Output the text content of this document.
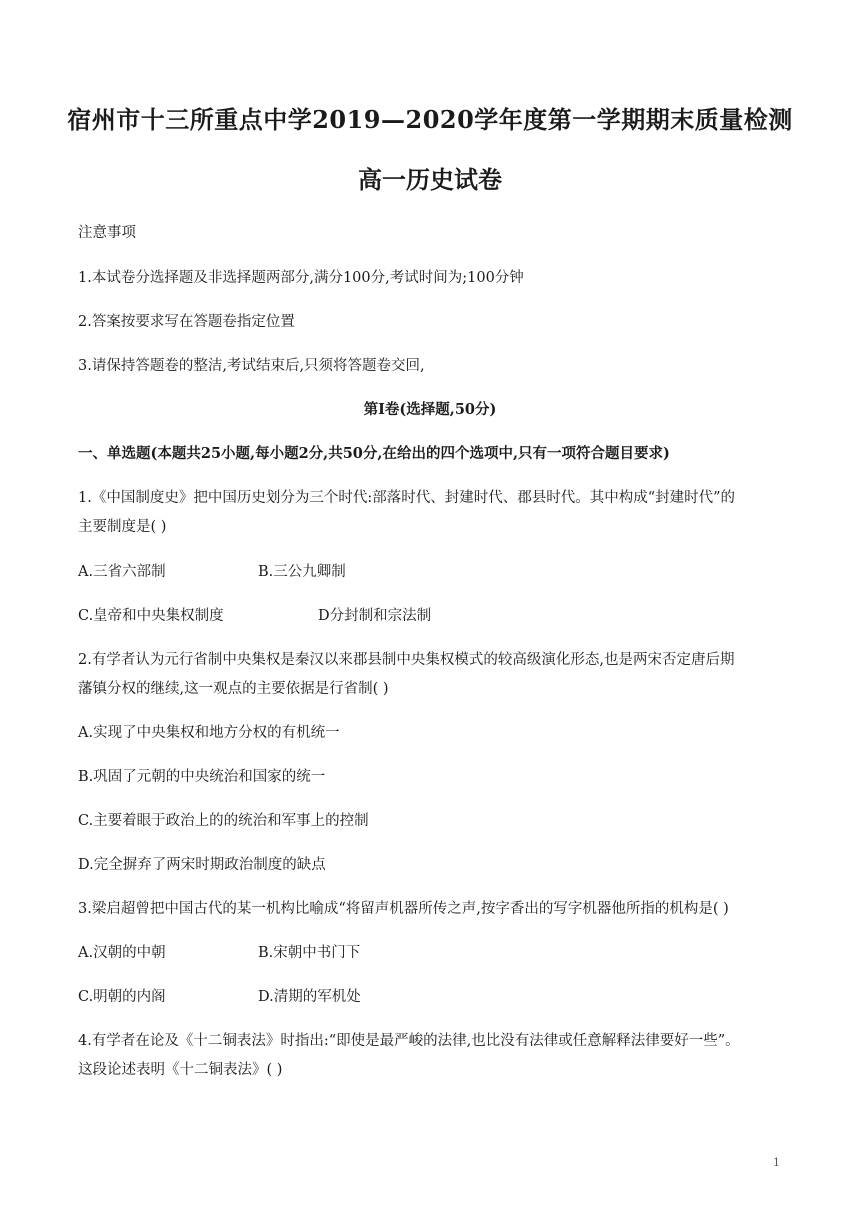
宿州市十三所重点中学2019—2020学年度第一学期期末质量检测
高一历史试卷
注意事项
1.本试卷分选择题及非选择题两部分,满分100分,考试时间为;100分钟
2.答案按要求写在答题卷指定位置
3.请保持答题卷的整洁,考试结束后,只须将答题卷交回,
第I卷(选择题,50分)
一、单选题(本题共25小题,每小题2分,共50分,在给出的四个选项中,只有一项符合题目要求)
1.《中国制度史》把中国历史划分为三个时代:部落时代、封建时代、郡县时代。其中构成“封建时代”的
主要制度是( )
A.三省六部制	B.三公九卿制
C.皇帝和中央集权制度	D分封制和宗法制
2.有学者认为元行省制中央集权是秦汉以来郡县制中央集权模式的较高级演化形态,也是两宋否定唐后期
藩镇分权的继续,这一观点的主要依据是行省制( )
A.实现了中央集权和地方分权的有机统一
B.巩固了元朝的中央统治和国家的统一
C.主要着眼于政治上的的统治和军事上的控制
D.完全摒弃了两宋时期政治制度的缺点
3.梁启超曾把中国古代的某一机构比喻成“将留声机器所传之声,按字香出的写字机器他所指的机构是( )
A.汉朝的中朝	B.宋朝中书门下
C.明朝的内阁	D.清期的军机处
4.有学者在论及《十二铜表法》时指出:“即使是最严峻的法律,也比没有法律或任意解释法律要好一些”。
这段论述表明《十二铜表法》( )
1
